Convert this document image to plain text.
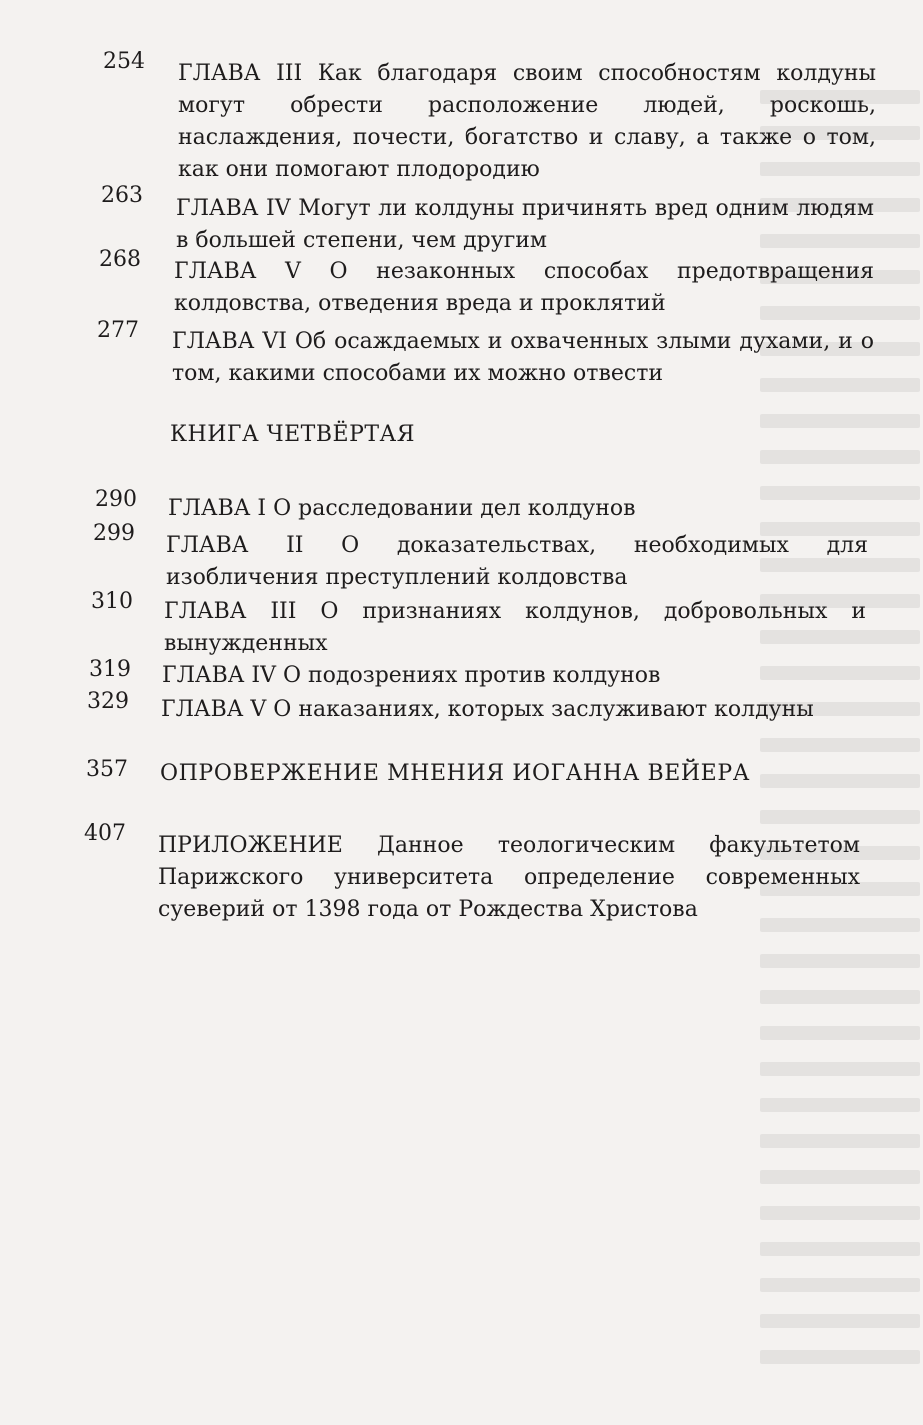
254 ГЛАВА III Как благодаря своим способностям колдуны могут обрести расположение людей, роскошь, наслаждения, почести, богатство и славу, а также о том, как они помогают плодородию
263
ГЛАВА IV Могут ли колдуны причинять вред одним людям в большей степени, чем другим
268 ГЛАВА V О незаконных способах предотвращения колдовства, отведения вреда и проклятий
277 ГЛАВА VI Об осаждаемых и охваченных злыми духами, и о том, какими способами их можно отвести
КНИГА ЧЕТВЁРТАЯ
290 ГЛАВА I О расследовании дел колдунов
299 ГЛАВА II О доказательствах, необходимых для изобличения преступлений колдовства
310 ГЛАВА III О признаниях колдунов, добровольных и вынужденных
319 ГЛАВА IV О подозрениях против колдунов
329 ГЛАВА V О наказаниях, которых заслуживают колдуны
357 ОПРОВЕРЖЕНИЕ МНЕНИЯ ИОГАННА ВЕЙЕРА
407 ПРИЛОЖЕНИЕ Данное теологическим факультетом Парижского университета определение современных суеверий от 1398 года от Рождества Христова
